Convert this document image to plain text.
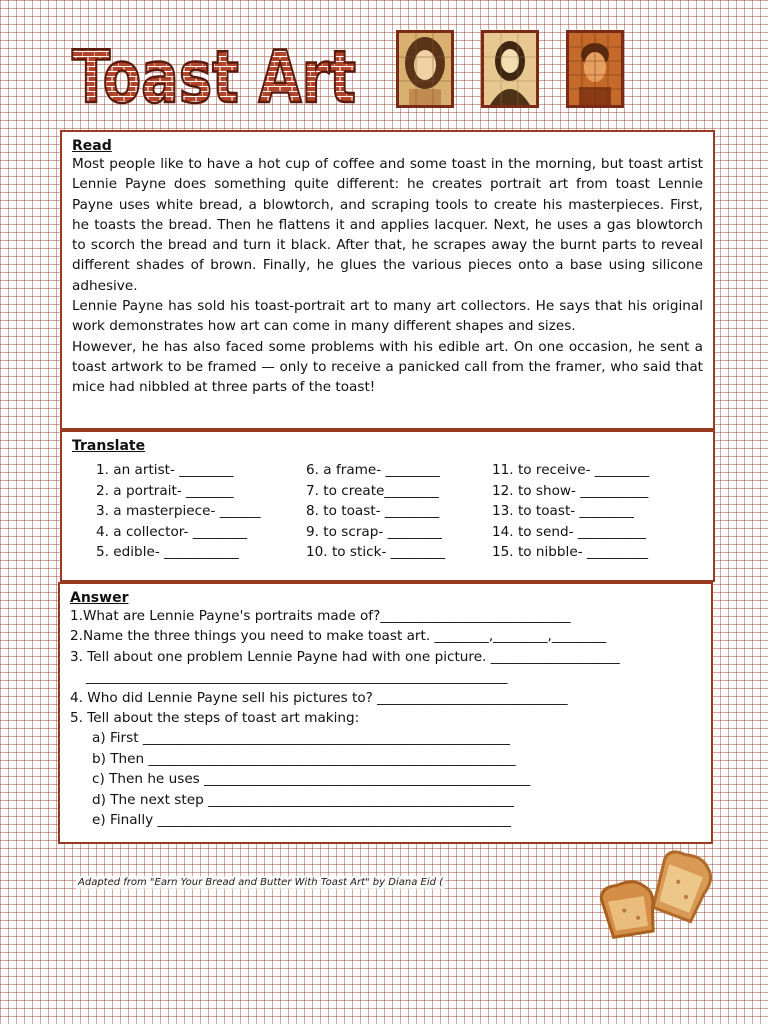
Toast Art
Read

Most people like to have a hot cup of coffee and some toast in the morning, but toast artist Lennie Payne does something quite different: he creates portrait art from toast Lennie Payne uses white bread, a blowtorch, and scraping tools to create his masterpieces. First, he toasts the bread. Then he flattens it and applies lacquer. Next, he uses a gas blowtorch to scorch the bread and turn it black. After that, he scrapes away the burnt parts to reveal different shades of brown. Finally, he glues the various pieces onto a base using silicone adhesive.

Lennie Payne has sold his toast-portrait art to many art collectors. He says that his original work demonstrates how art can come in many different shapes and sizes.

However, he has also faced some problems with his edible art. On one occasion, he sent a toast artwork to be framed — only to receive a panicked call from the framer, who said that mice had nibbled at three parts of the toast!

Translate
1. an artist- ________
2. a portrait- _______
3. a masterpiece- ______
4. a collector- ________
5. edible- ___________
6. a frame- ________
7. to create________
8. to toast- ________
9. to scrap- ________
10. to stick- ________
11. to receive- ________
12. to show- __________
13. to toast- ________
14. to send- __________
15. to nibble- _________
Answer
1.What are Lennie Payne's portraits made of?____________________________
2.Name the three things you need to make toast art. ________,________,________
3. Tell about one problem Lennie Payne had with one picture. ___________________
______________________________________________________________
4. Who did Lennie Payne sell his pictures to? ____________________________
5. Tell about the steps of toast art making:
a) First ______________________________________________________
b) Then ______________________________________________________
c) Then he uses ________________________________________________
d) The next step _____________________________________________
e) Finally ____________________________________________________
Adapted from "Earn Your Bread and Butter With Toast Art" by Diana Eid (
